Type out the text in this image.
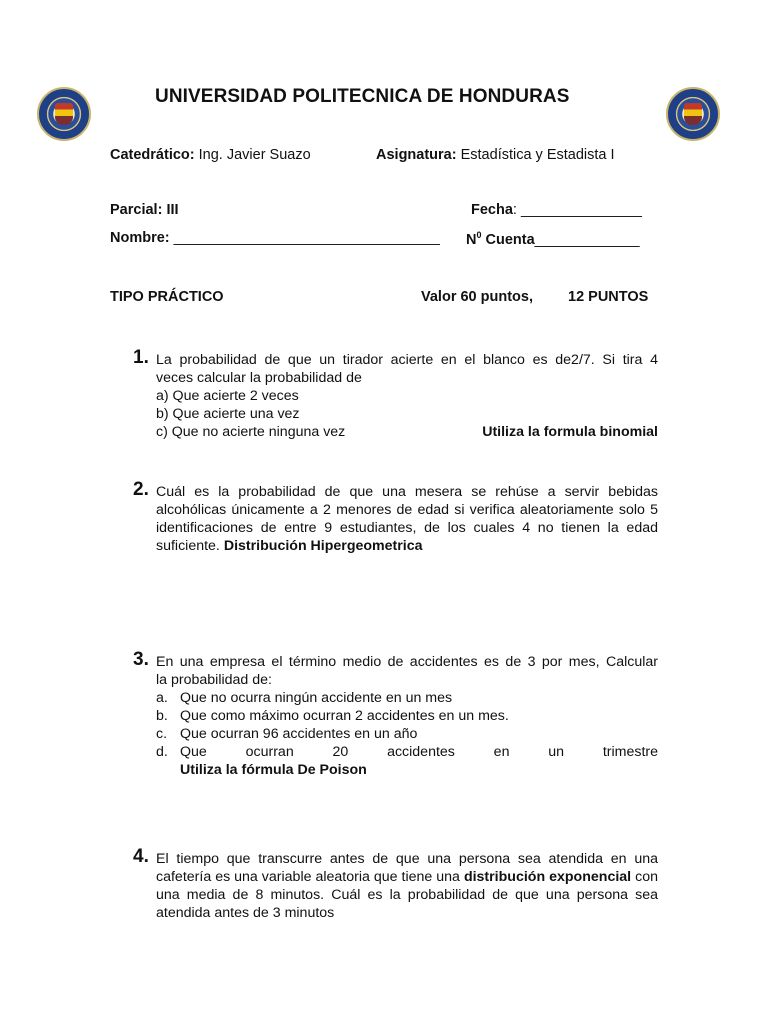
UNIVERSIDAD POLITECNICA DE HONDURAS
Catedrático: Ing. Javier Suazo	Asignatura: Estadística y Estadista I
Parcial: III	Fecha: _______________
Nombre: _________________________________ $N^0$ Cuenta_____________
TIPO PRÁCTICO	Valor 60 puntos, 12 PUNTOS
1. La probabilidad de que un tirador acierte en el blanco es de2/7. Si tira 4

veces calcular la probabilidad de

a) Que acierte 2 veces

b) Que acierte una vez

c) Que no acierte ninguna vez	Utiliza la formula binomial
2. Cuál es la probabilidad de que una mesera se rehúse a servir bebidas alcohólicas únicamente a 2 menores de edad si verifica aleatoriamente solo 5 identificaciones de entre 9 estudiantes, de los cuales 4 no tienen la edad suficiente. Distribución Hipergeometrica

3. En una empresa el término medio de accidentes es de 3 por mes, Calcular

la probabilidad de:

a. Que no ocurra ningún accidente en un mes
b. Que como máximo ocurran 2 accidentes en un mes.
c. Que ocurran 96 accidentes en un año
d. Que ocurran 20 accidentes en un trimestre
Utiliza la fórmula De Poison
4. El tiempo que transcurre antes de que una persona sea atendida en una cafetería es una variable aleatoria que tiene una distribución exponencial con una media de 8 minutos. Cuál es la probabilidad de que una persona sea atendida antes de 3 minutos
